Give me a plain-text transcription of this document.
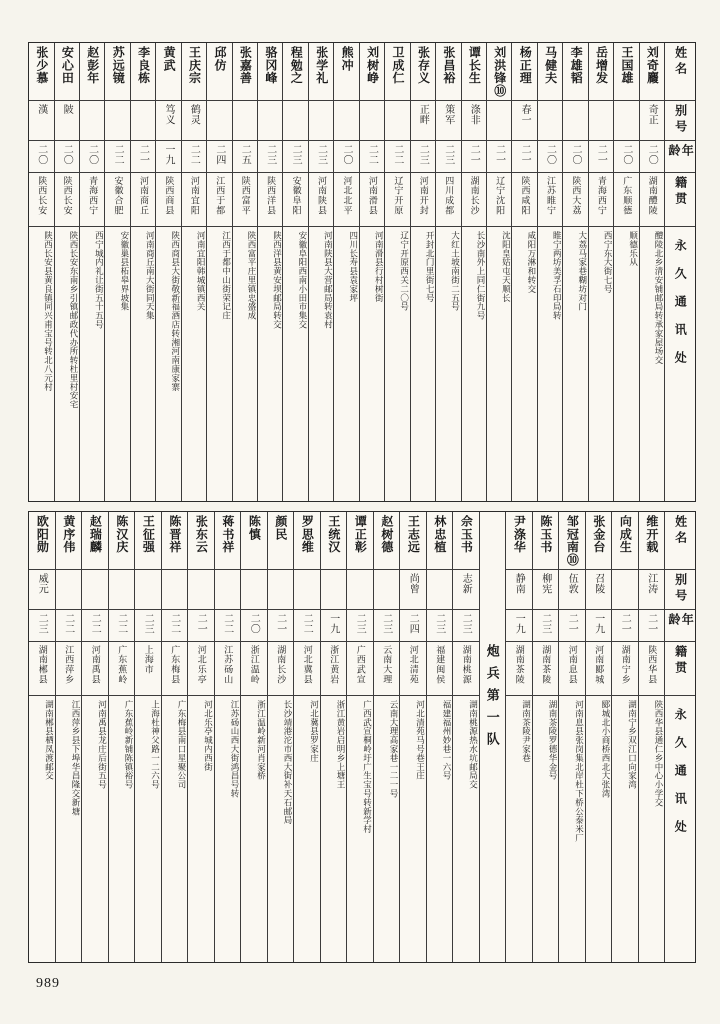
姓名
别号
年龄
籍贯
永久通讯处
刘奇麚
奇正
二〇
湖南醴陵
醴陵北乡清安铺邮局转承家屋场交
王国雄
二〇
广东顺德
顺德乐从
岳增发
二一
青海西宁
西宁东大街七号
李雄韬
二〇
陕西大荔
大荔马家巷糊坊对门
马健夫
二〇
江苏睢宁
睢宁两坊美孚石印局转
杨正理
春一
二一
陕西咸阳
咸阳万淋和转交
刘洪锋⑩
二一
辽宁沈阳
沈阳皇姑屯天顺长
谭长生
涤非
二一
湖南长沙
长沙南外上同仁街九号
张昌裕
策军
二三
四川成都
大红土坡南街二五号
张存义
正畔
二三
河南开封
开封北门里街七号
卫成仁
二二
辽宁开原
辽宁开原西关二〇号
刘树峥
二二
河南滑县
河南滑县行村树街
熊冲
二〇
河北北平
四川长寿县袁家坪
张学礼
二三
河南陕县
河南陕县大营邮局转袁村
程勉之
二三
安徽阜阳
安徽阜阳西南小田市集交
骆冈峰
二三
陕西洋县
陕西洋县黄安坝邮局转交
张嘉善
二五
陕西富平
陕西富平庄里镇忠盛成
邱仿
二四
江西于都
江西于都中山街荣记庄
王庆宗
鹤灵
二二
河南宜阳
河南宜阳韩城镇西关
黄武
笃义
一九
陕西商县
陕西商县大街敬新福酒店转湘河南康家寨
李良栋
二一
河南商丘
河南商丘南大街同天集
苏远镜
二二
安徽合肥
安徽巢县柘皋界坡集
赵彭年
二〇
青海西宁
西宁城内礼让街五十五号
安心田
陂
二〇
陕西长安
陕西长安东南乡引镇邮政代办所转杜里村安宅
张少慕
漢
二〇
陕西长安
陕西长安县黄良镇同兴甫宝号转北八元村
姓名
别号
年龄
籍贯
永久通讯处
维开载
江涛
二一
陕西华县
陕西华县通仁乡中心小学交
向成生
二一
湖南宁乡
湖南宁乡双江口向家湾
张金台
召陵
一九
河南郾城
郾城北小商桥西北大张湾
邹冠南⑩
伍敦
二一
河南息县
河南息县张岗集北岸杜下桥公泰米厂
陈玉书
柳宪
二三
湖南茶陵
湖南茶陵罗德华金号
尹涤华
静南
一九
湖南茶陵
湖南茶陵尹家巷
炮兵第一队
佘玉书
志新
二三
湖南桃源
湖南桃源热水坑邮局交
林忠植
二三
福建闽侯
福建福州妙巷一六号
王志远
尚曾
二四
河北清苑
河北清苑马号巷王庄
赵树德
二三
云南大理
云南大理高家巷一二一号
谭正彰
二三
广西武宣
广西武宣桐岭圩广生宝号转新学村
王统汉
一九
浙江黄岩
浙江黄岩启明乡上塘王
罗思维
二二
河北冀县
河北冀县罗家庄
颜民
二一
湖南长沙
长沙靖港沱市西大街补天石邮局
陈慎
二〇
浙江温岭
浙江温岭新河肖家桥
蒋书祥
二二
江苏砀山
江苏砀山西大街鸿昌号转
张东云
二一
河北乐亭
河北乐亭城内西街
陈晋祥
二二
广东梅县
广东梅县南口星聚公司
王征强
二三
上海市
上海杜神父路一二六号
陈汉庆
二二
广东蕉岭
广东蕉岭新铺陈镇裕号
赵瑞麟
二二
河南禹县
河南禹县龙庄后街五号
黄序伟
二二
江西萍乡
江西萍乡县下埠华昌隆交新塘
欧阳勋
威元
二三
湖南郴县
湖南郴县栖凤渡邮交
989
